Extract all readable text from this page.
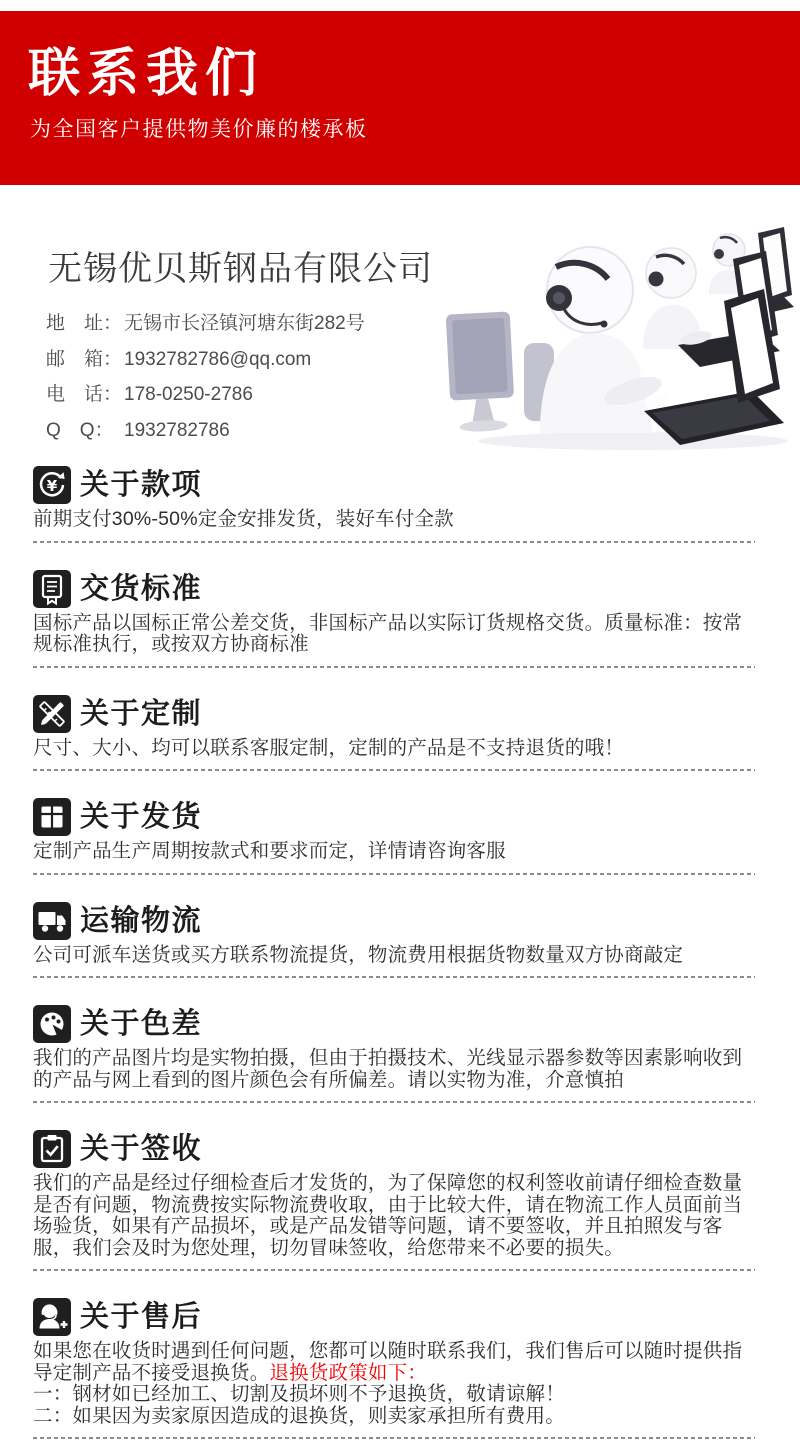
联系我们

为全国客户提供物美价廉的楼承板

无锡优贝斯钢品有限公司
地　址： 无锡市长泾镇河塘东街282号
邮　箱： 1932782786@qq.com
电　话： 178-0250-2786
Q　Q： 1932782786
关于款项

前期支付30%-50%定金安排发货，装好车付全款

交货标准

国标产品以国标正常公差交货，非国标产品以实际订货规格交货。质量标准：按常规标准执行，或按双方协商标准

关于定制

尺寸、大小、均可以联系客服定制，定制的产品是不支持退货的哦！

关于发货

定制产品生产周期按款式和要求而定，详情请咨询客服

运输物流

公司可派车送货或买方联系物流提货，物流费用根据货物数量双方协商敲定

关于色差

我们的产品图片均是实物拍摄，但由于拍摄技术、光线显示器参数等因素影响收到的产品与网上看到的图片颜色会有所偏差。请以实物为准，介意慎拍

关于签收

我们的产品是经过仔细检查后才发货的，为了保障您的权利签收前请仔细检查数量是否有问题，物流费按实际物流费收取，由于比较大件，请在物流工作人员面前当场验货，如果有产品损坏，或是产品发错等问题，请不要签收，并且拍照发与客服，我们会及时为您处理，切勿冒味签收，给您带来不必要的损失。

关于售后

如果您在收货时遇到任何问题，您都可以随时联系我们，我们售后可以随时提供指导定制产品不接受退换货。退换货政策如下：

一：钢材如已经加工、切割及损坏则不予退换货，敬请谅解！

二：如果因为卖家原因造成的退换货，则卖家承担所有费用。
